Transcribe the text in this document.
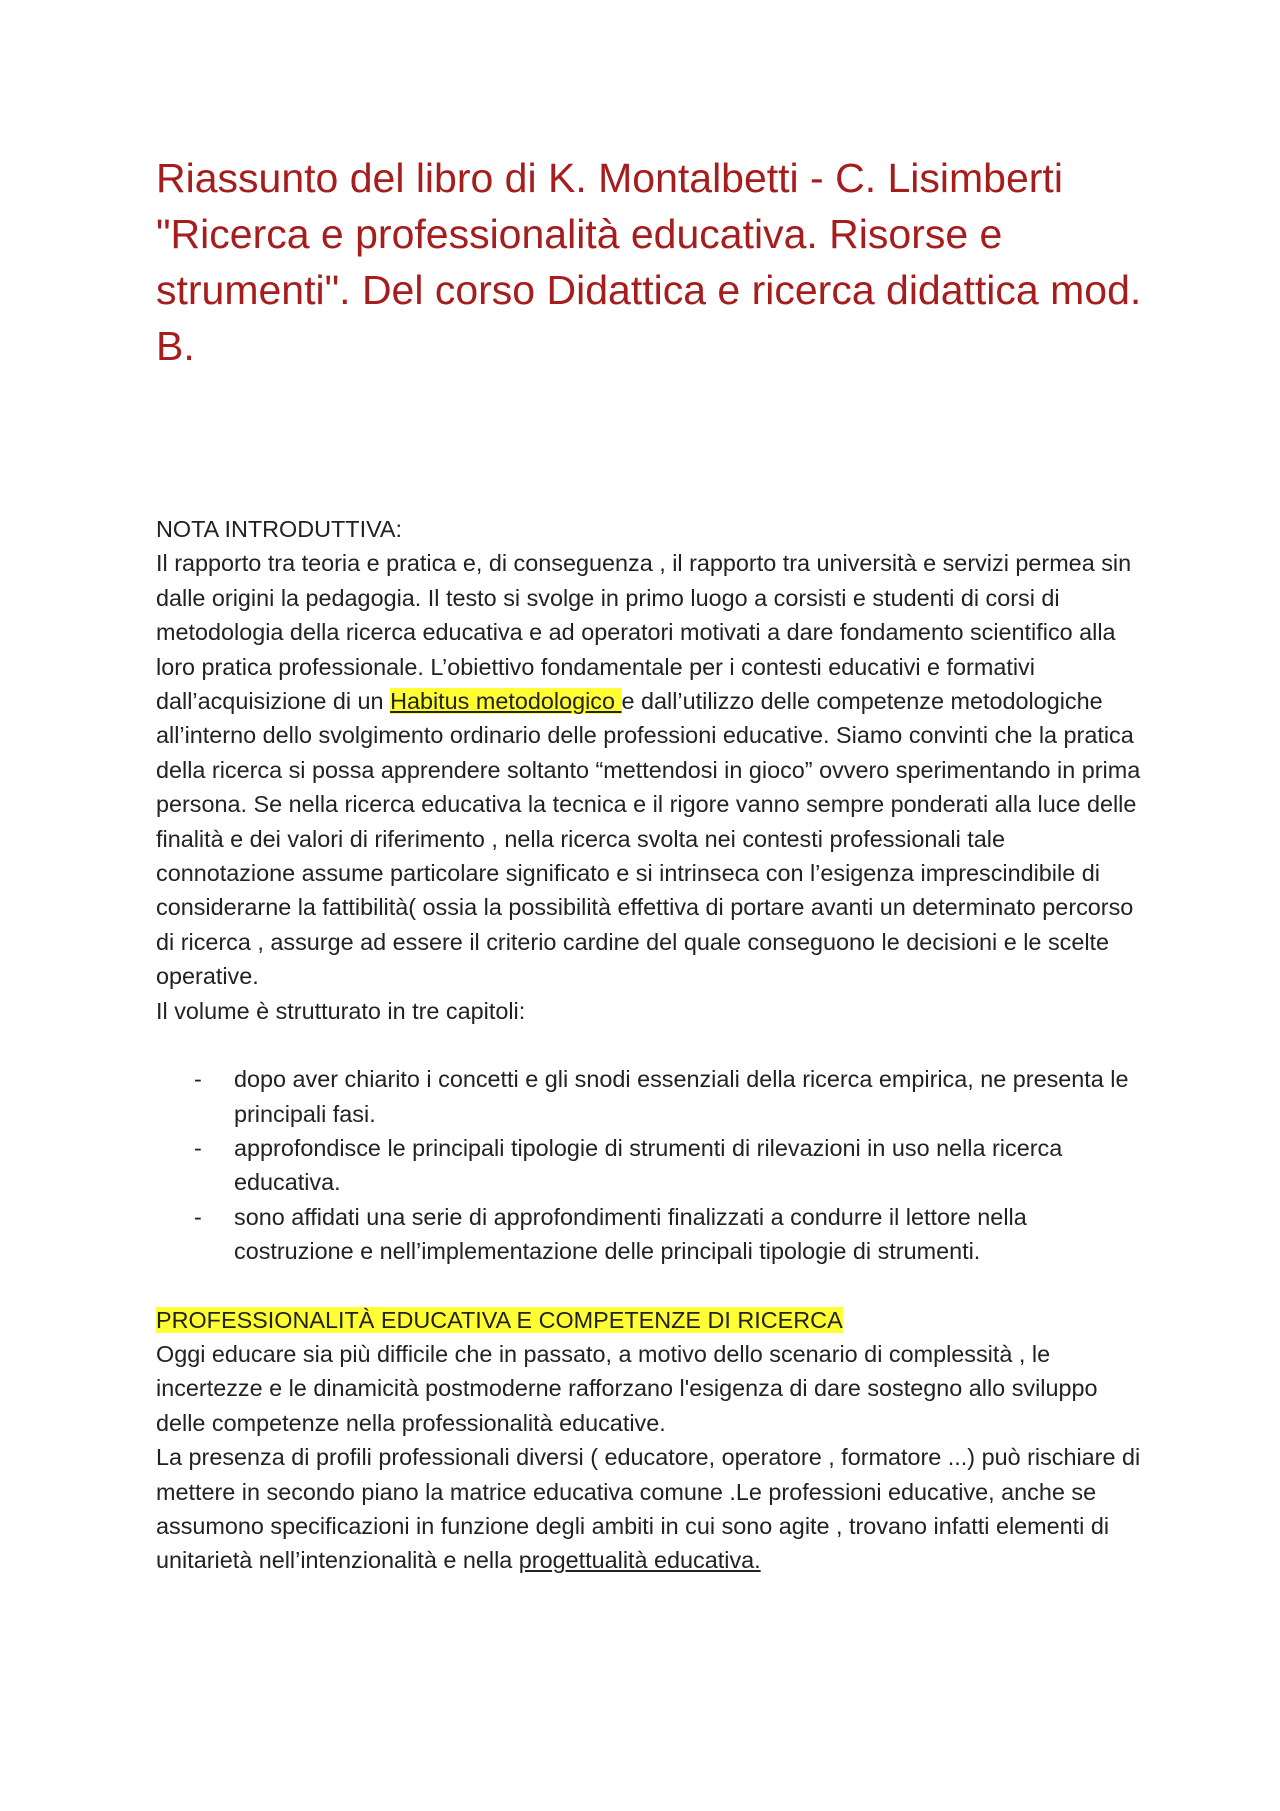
Riassunto del libro di K. Montalbetti - C. Lisimberti "Ricerca e professionalità educativa. Risorse e strumenti". Del corso Didattica e ricerca didattica mod. B.
NOTA INTRODUTTIVA:

Il rapporto tra teoria e pratica e, di conseguenza , il rapporto tra università e servizi permea sin dalle origini la pedagogia. Il testo si svolge in primo luogo a corsisti e studenti di corsi di metodologia della ricerca educativa e ad operatori motivati a dare fondamento scientifico alla loro pratica professionale. L’obiettivo fondamentale per i contesti educativi e formativi dall’acquisizione di un Habitus metodologico e dall’utilizzo delle competenze metodologiche all’interno dello svolgimento ordinario delle professioni educative. Siamo convinti che la pratica della ricerca si possa apprendere soltanto “mettendosi in gioco” ovvero sperimentando in prima persona. Se nella ricerca educativa la tecnica e il rigore vanno sempre ponderati alla luce delle finalità e dei valori di riferimento , nella ricerca svolta nei contesti professionali tale connotazione assume particolare significato e si intrinseca con l’esigenza imprescindibile di considerarne la fattibilità( ossia la possibilità effettiva di portare avanti un determinato percorso di ricerca , assurge ad essere il criterio cardine del quale conseguono le decisioni e le scelte operative.

Il volume è strutturato in tre capitoli:
- dopo aver chiarito i concetti e gli snodi essenziali della ricerca empirica, ne presenta le principali fasi.
- approfondisce le principali tipologie di strumenti di rilevazioni in uso nella ricerca educativa.
- sono affidati una serie di approfondimenti finalizzati a condurre il lettore nella costruzione e nell’implementazione delle principali tipologie di strumenti.
PROFESSIONALITÀ EDUCATIVA E COMPETENZE DI RICERCA

Oggi educare sia più difficile che in passato, a motivo dello scenario di complessità , le incertezze e le dinamicità postmoderne rafforzano l'esigenza di dare sostegno allo sviluppo delle competenze nella professionalità educative.

La presenza di profili professionali diversi ( educatore, operatore , formatore ...) può rischiare di mettere in secondo piano la matrice educativa comune .Le professioni educative, anche se assumono specificazioni in funzione degli ambiti in cui sono agite , trovano infatti elementi di unitarietà nell’intenzionalità e nella progettualità educativa.
